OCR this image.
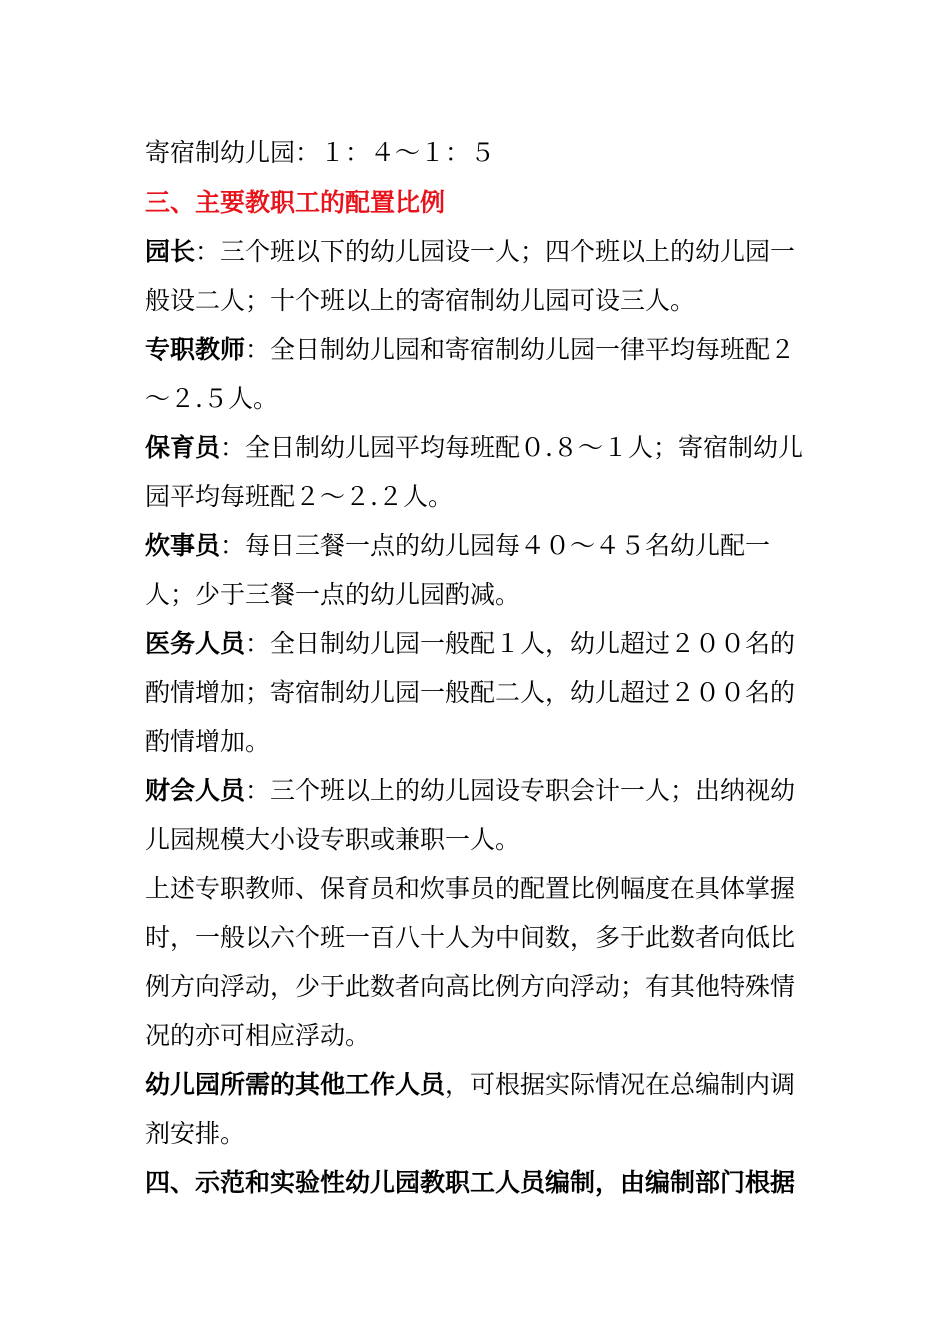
寄宿制幼儿园：１：４～１：５

三、主要教职工的配置比例

园长：三个班以下的幼儿园设一人；四个班以上的幼儿园一般设二人；十个班以上的寄宿制幼儿园可设三人。

专职教师：全日制幼儿园和寄宿制幼儿园一律平均每班配２～２.５人。

保育员：全日制幼儿园平均每班配０.８～１人；寄宿制幼儿园平均每班配２～２.２人。

炊事员：每日三餐一点的幼儿园每４０～４５名幼儿配一人；少于三餐一点的幼儿园酌减。

医务人员：全日制幼儿园一般配１人，幼儿超过２００名的酌情增加；寄宿制幼儿园一般配二人，幼儿超过２００名的酌情增加。

财会人员：三个班以上的幼儿园设专职会计一人；出纳视幼儿园规模大小设专职或兼职一人。

上述专职教师、保育员和炊事员的配置比例幅度在具体掌握时，一般以六个班一百八十人为中间数，多于此数者向低比例方向浮动，少于此数者向高比例方向浮动；有其他特殊情况的亦可相应浮动。

幼儿园所需的其他工作人员，可根据实际情况在总编制内调剂安排。

四、示范和实验性幼儿园教职工人员编制，由编制部门根据
